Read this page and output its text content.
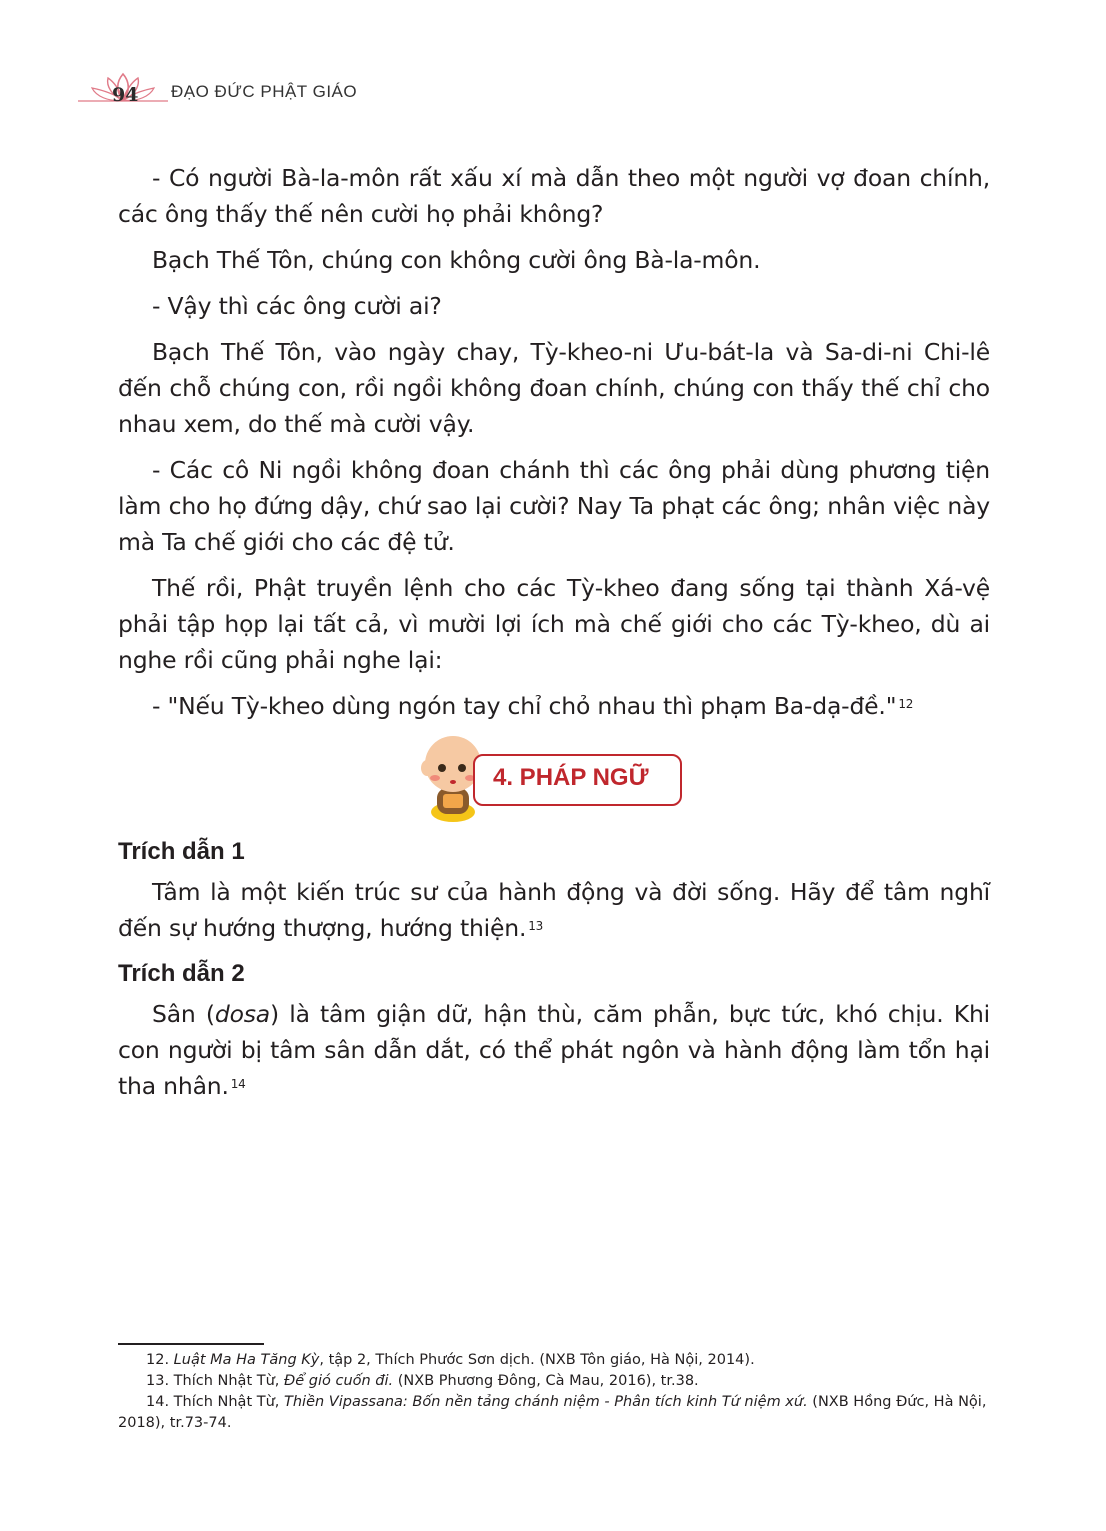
94 ĐẠO ĐỨC PHẬT GIÁO

- Có người Bà-la-môn rất xấu xí mà dẫn theo một người vợ đoan chính, các ông thấy thế nên cười họ phải không?

Bạch Thế Tôn, chúng con không cười ông Bà-la-môn.

- Vậy thì các ông cười ai?

Bạch Thế Tôn, vào ngày chay, Tỳ-kheo-ni Ưu-bát-la và Sa-di-ni Chi-lê đến chỗ chúng con, rồi ngồi không đoan chính, chúng con thấy thế chỉ cho nhau xem, do thế mà cười vậy.

- Các cô Ni ngồi không đoan chánh thì các ông phải dùng phương tiện làm cho họ đứng dậy, chứ sao lại cười? Nay Ta phạt các ông; nhân việc này mà Ta chế giới cho các đệ tử.

Thế rồi, Phật truyền lệnh cho các Tỳ-kheo đang sống tại thành Xá-vệ phải tập họp lại tất cả, vì mười lợi ích mà chế giới cho các Tỳ-kheo, dù ai nghe rồi cũng phải nghe lại:

- "Nếu Tỳ-kheo dùng ngón tay chỉ chỏ nhau thì phạm Ba-dạ-đề." $^{12}$

4. PHÁP NGỮ

Trích dẫn 1

Tâm là một kiến trúc sư của hành động và đời sống. Hãy để tâm nghĩ đến sự hướng thượng, hướng thiện. $^{13}$

Trích dẫn 2

Sân (dosa) là tâm giận dữ, hận thù, căm phẫn, bực tức, khó chịu. Khi con người bị tâm sân dẫn dắt, có thể phát ngôn và hành động làm tổn hại tha nhân. $^{14}$

12. Luật Ma Ha Tăng Kỳ, tập 2, Thích Phước Sơn dịch. (NXB Tôn giáo, Hà Nội, 2014).

13. Thích Nhật Từ, Để gió cuốn đi. (NXB Phương Đông, Cà Mau, 2016), tr.38.

14. Thích Nhật Từ, Thiền Vipassana: Bốn nền tảng chánh niệm - Phân tích kinh Tứ niệm xứ. (NXB Hồng Đức, Hà Nội, 2018), tr.73-74.
